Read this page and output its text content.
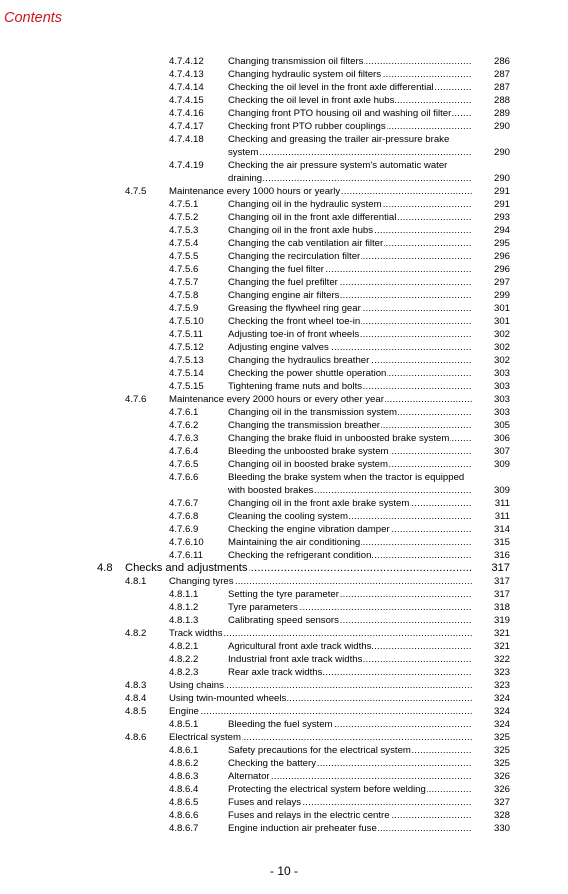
Contents
4.7.4.12	Changing transmission oil filters .....	286
4.7.4.13	Changing hydraulic system oil filters .....	287
4.7.4.14	Checking the oil level in the front axle differential .....	287
4.7.4.15	Checking the oil level in front axle hubs .....	288
4.7.4.16	Changing front PTO housing oil and washing oil filter .....	289
4.7.4.17	Checking front PTO rubber couplings .....	290
4.7.4.18	Checking and greasing the trailer air-pressure brake
system .....	290
4.7.4.19	Checking the air pressure system's automatic water
draining .....	290
4.7.5 Maintenance every 1000 hours or yearly .....	291
4.7.5.1	Changing oil in the hydraulic system .....	291
4.7.5.2	Changing oil in the front axle differential .....	293
4.7.5.3	Changing oil in the front axle hubs .....	294
4.7.5.4	Changing the cab ventilation air filter .....	295
4.7.5.5	Changing the recirculation filter .....	296
4.7.5.6	Changing the fuel filter .....	296
4.7.5.7	Changing the fuel prefilter .....	297
4.7.5.8	Changing engine air filters .....	299
4.7.5.9	Greasing the flywheel ring gear .....	301
4.7.5.10	Checking the front wheel toe-in .....	301
4.7.5.11	Adjusting toe-in of front wheels .....	302
4.7.5.12	Adjusting engine valves .....	302
4.7.5.13	Changing the hydraulics breather .....	302
4.7.5.14	Checking the power shuttle operation .....	303
4.7.5.15	Tightening frame nuts and bolts .....	303
4.7.6 Maintenance every 2000 hours or every other year .....	303
4.7.6.1	Changing oil in the transmission system .....	303
4.7.6.2	Changing the transmission breather .....	305
4.7.6.3	Changing the brake fluid in unboosted brake system .....	306
4.7.6.4	Bleeding the unboosted brake system .....	307
4.7.6.5	Changing oil in boosted brake system .....	309
4.7.6.6	Bleeding the brake system when the tractor is equipped
with boosted brakes .....	309
4.7.6.7	Changing oil in the front axle brake system .....	311
4.7.6.8	Cleaning the cooling system .....	311
4.7.6.9	Checking the engine vibration damper .....	314
4.7.6.10	Maintaining the air conditioning .....	315
4.7.6.11	Checking the refrigerant condition .....	316
4.8 Checks and adjustments .....	317
4.8.1 Changing tyres .....	317
4.8.1.1	Setting the tyre parameter .....	317
4.8.1.2	Tyre parameters .....	318
4.8.1.3	Calibrating speed sensors .....	319
4.8.2 Track widths .....	321
4.8.2.1	Agricultural front axle track widths .....	321
4.8.2.2	Industrial front axle track widths .....	322
4.8.2.3	Rear axle track widths .....	323
4.8.3 Using chains .....	323
4.8.4 Using twin-mounted wheels .....	324
4.8.5 Engine .....	324
4.8.5.1	Bleeding the fuel system .....	324
4.8.6 Electrical system .....	325
4.8.6.1	Safety precautions for the electrical system .....	325
4.8.6.2	Checking the battery .....	325
4.8.6.3	Alternator .....	326
4.8.6.4	Protecting the electrical system before welding .....	326
4.8.6.5	Fuses and relays .....	327
4.8.6.6	Fuses and relays in the electric centre .....	328
4.8.6.7	Engine induction air preheater fuse .....	330
- 10 -
